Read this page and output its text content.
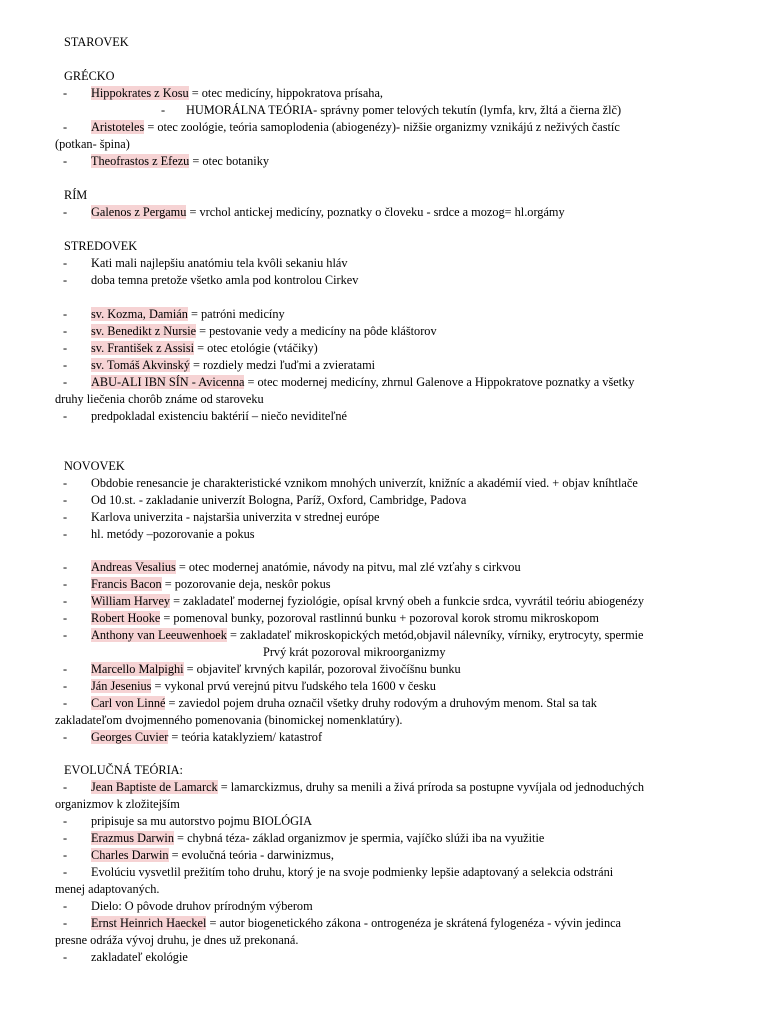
STAROVEK
GRÉCKO
- Hippokrates z Kosu = otec medicíny, hippokratova prísaha,
- HUMORÁLNA TEÓRIA- správny pomer telových tekutín (lymfa, krv, žltá a čierna žlč)
- Aristoteles = otec zoológie, teória samoplodenia (abiogenézy)- nižšie organizmy vznikájú z neživých častíc
(potkan- špina)
- Theofrastos z Efezu = otec botaniky
RÍM
- Galenos z Pergamu = vrchol antickej medicíny, poznatky o človeku - srdce a mozog= hl.orgámy
STREDOVEK
- Kati mali najlepšiu anatómiu tela kvôli sekaniu hláv
- doba temna pretože všetko amla pod kontrolou Cirkev
- sv. Kozma, Damián = patróni medicíny
- sv. Benedikt z Nursie = pestovanie vedy a medicíny na pôde kláštorov
- sv. František z Assisi = otec etológie (vtáčiky)
- sv. Tomáš Akvinský = rozdiely medzi ľuďmi a zvieratami
- ABU-ALI IBN SÍN - Avicenna = otec modernej medicíny, zhrnul Galenove a Hippokratove poznatky a všetky
druhy liečenia chorôb známe od staroveku
- predpokladal existenciu baktérií – niečo neviditeľné
NOVOVEK
- Obdobie renesancie je charakteristické vznikom mnohých univerzít, knižníc a akadémií vied. + objav kníhtlače
- Od 10.st. - zakladanie univerzít Bologna, Paríž, Oxford, Cambridge, Padova
- Karlova univerzita - najstaršia univerzita v strednej európe
- hl. metódy –pozorovanie a pokus
- Andreas Vesalius = otec modernej anatómie, návody na pitvu, mal zlé vzťahy s cirkvou
- Francis Bacon = pozorovanie deja, neskôr pokus
- William Harvey = zakladateľ modernej fyziológie, opísal krvný obeh a funkcie srdca, vyvrátil teóriu abiogenézy
- Robert Hooke = pomenoval bunky, pozoroval rastlinnú bunku + pozoroval korok stromu mikroskopom
- Anthony van Leeuwenhoek = zakladateľ mikroskopických metód,objavil nálevníky, vírniky, erytrocyty, spermie
Prvý krát pozoroval mikroorganizmy
- Marcello Malpighi = objaviteľ krvných kapilár, pozoroval živočíšnu bunku
- Ján Jesenius = vykonal prvú verejnú pitvu ľudského tela 1600 v česku
- Carl von Linné = zaviedol pojem druha označil všetky druhy rodovým a druhovým menom. Stal sa tak
zakladateľom dvojmenného pomenovania (binomickej nomenklatúry).
- Georges Cuvier = teória kataklyziem/ katastrof
EVOLUČNÁ TEÓRIA:
- Jean Baptiste de Lamarck = lamarckizmus, druhy sa menili a živá príroda sa postupne vyvíjala od jednoduchých
organizmov k zložitejším
- pripisuje sa mu autorstvo pojmu BIOLÓGIA
- Erazmus Darwin = chybná téza- základ organizmov je spermia, vajíčko slúži iba na využitie
- Charles Darwin = evolučná teória - darwinizmus,
- Evolúciu vysvetlil prežitím toho druhu, ktorý je na svoje podmienky lepšie adaptovaný a selekcia odstráni
menej adaptovaných.
- Dielo: O pôvode druhov prírodným výberom
- Ernst Heinrich Haeckel = autor biogenetického zákona - ontrogenéza je skrátená fylogenéza - vývin jedinca
presne odráža vývoj druhu, je dnes už prekonaná.
- zakladateľ ekológie
